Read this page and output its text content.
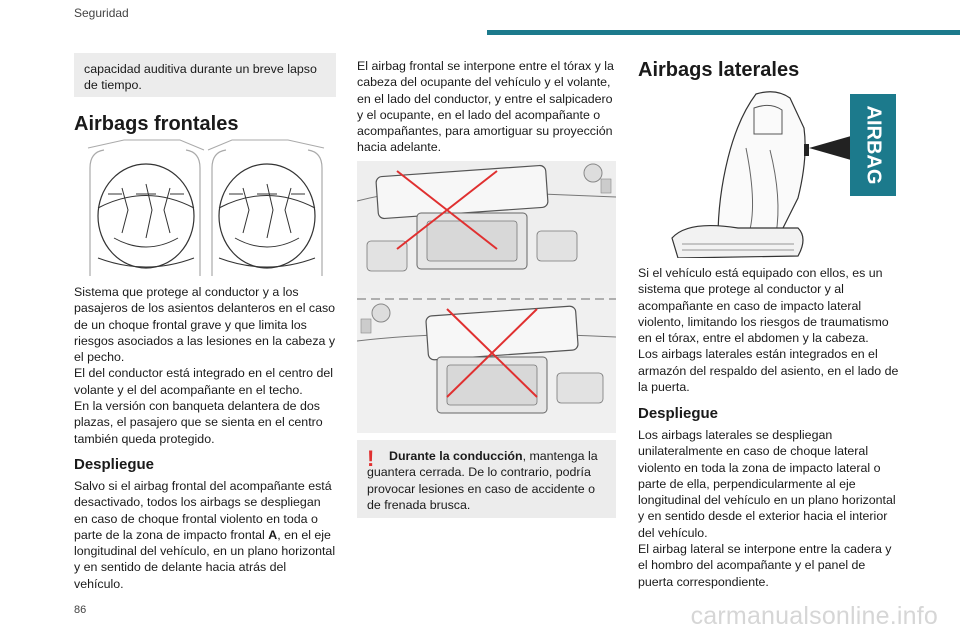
Seguridad
capacidad auditiva durante un breve lapso de tiempo.
Airbags frontales

Sistema que protege al conductor y a los pasajeros de los asientos delanteros en el caso de un choque frontal grave y que limita los riesgos asociados a las lesiones en la cabeza y el pecho.

El del conductor está integrado en el centro del volante y el del acompañante en el techo.

En la versión con banqueta delantera de dos plazas, el pasajero que se sienta en el centro también queda protegido.

Despliegue

Salvo si el airbag frontal del acompañante está desactivado, todos los airbags se despliegan en caso de choque frontal violento en toda o parte de la zona de impacto frontal A, en el eje longitudinal del vehículo, en un plano horizontal y en sentido de delante hacia atrás del vehículo.

El airbag frontal se interpone entre el tórax y la cabeza del ocupante del vehículo y el volante, en el lado del conductor, y entre el salpicadero y el ocupante, en el lado del acompañante o acompañantes, para amortiguar su proyección hacia adelante.

!	Durante la conducción, mantenga la guantera cerrada. De lo contrario, podría provocar lesiones en caso de accidente o de frenada brusca.

Airbags laterales
AIRBAG

Si el vehículo está equipado con ellos, es un sistema que protege al conductor y al acompañante en caso de impacto lateral violento, limitando los riesgos de traumatismo en el tórax, entre el abdomen y la cabeza.

Los airbags laterales están integrados en el armazón del respaldo del asiento, en el lado de la puerta.

Despliegue

Los airbags laterales se despliegan unilateralmente en caso de choque lateral violento en toda la zona de impacto lateral o parte de ella, perpendicularmente al eje longitudinal del vehículo en un plano horizontal y en sentido desde el exterior hacia el interior del vehículo.

El airbag lateral se interpone entre la cadera y el hombro del acompañante y el panel de puerta correspondiente.

86	carmanualsonline.info
